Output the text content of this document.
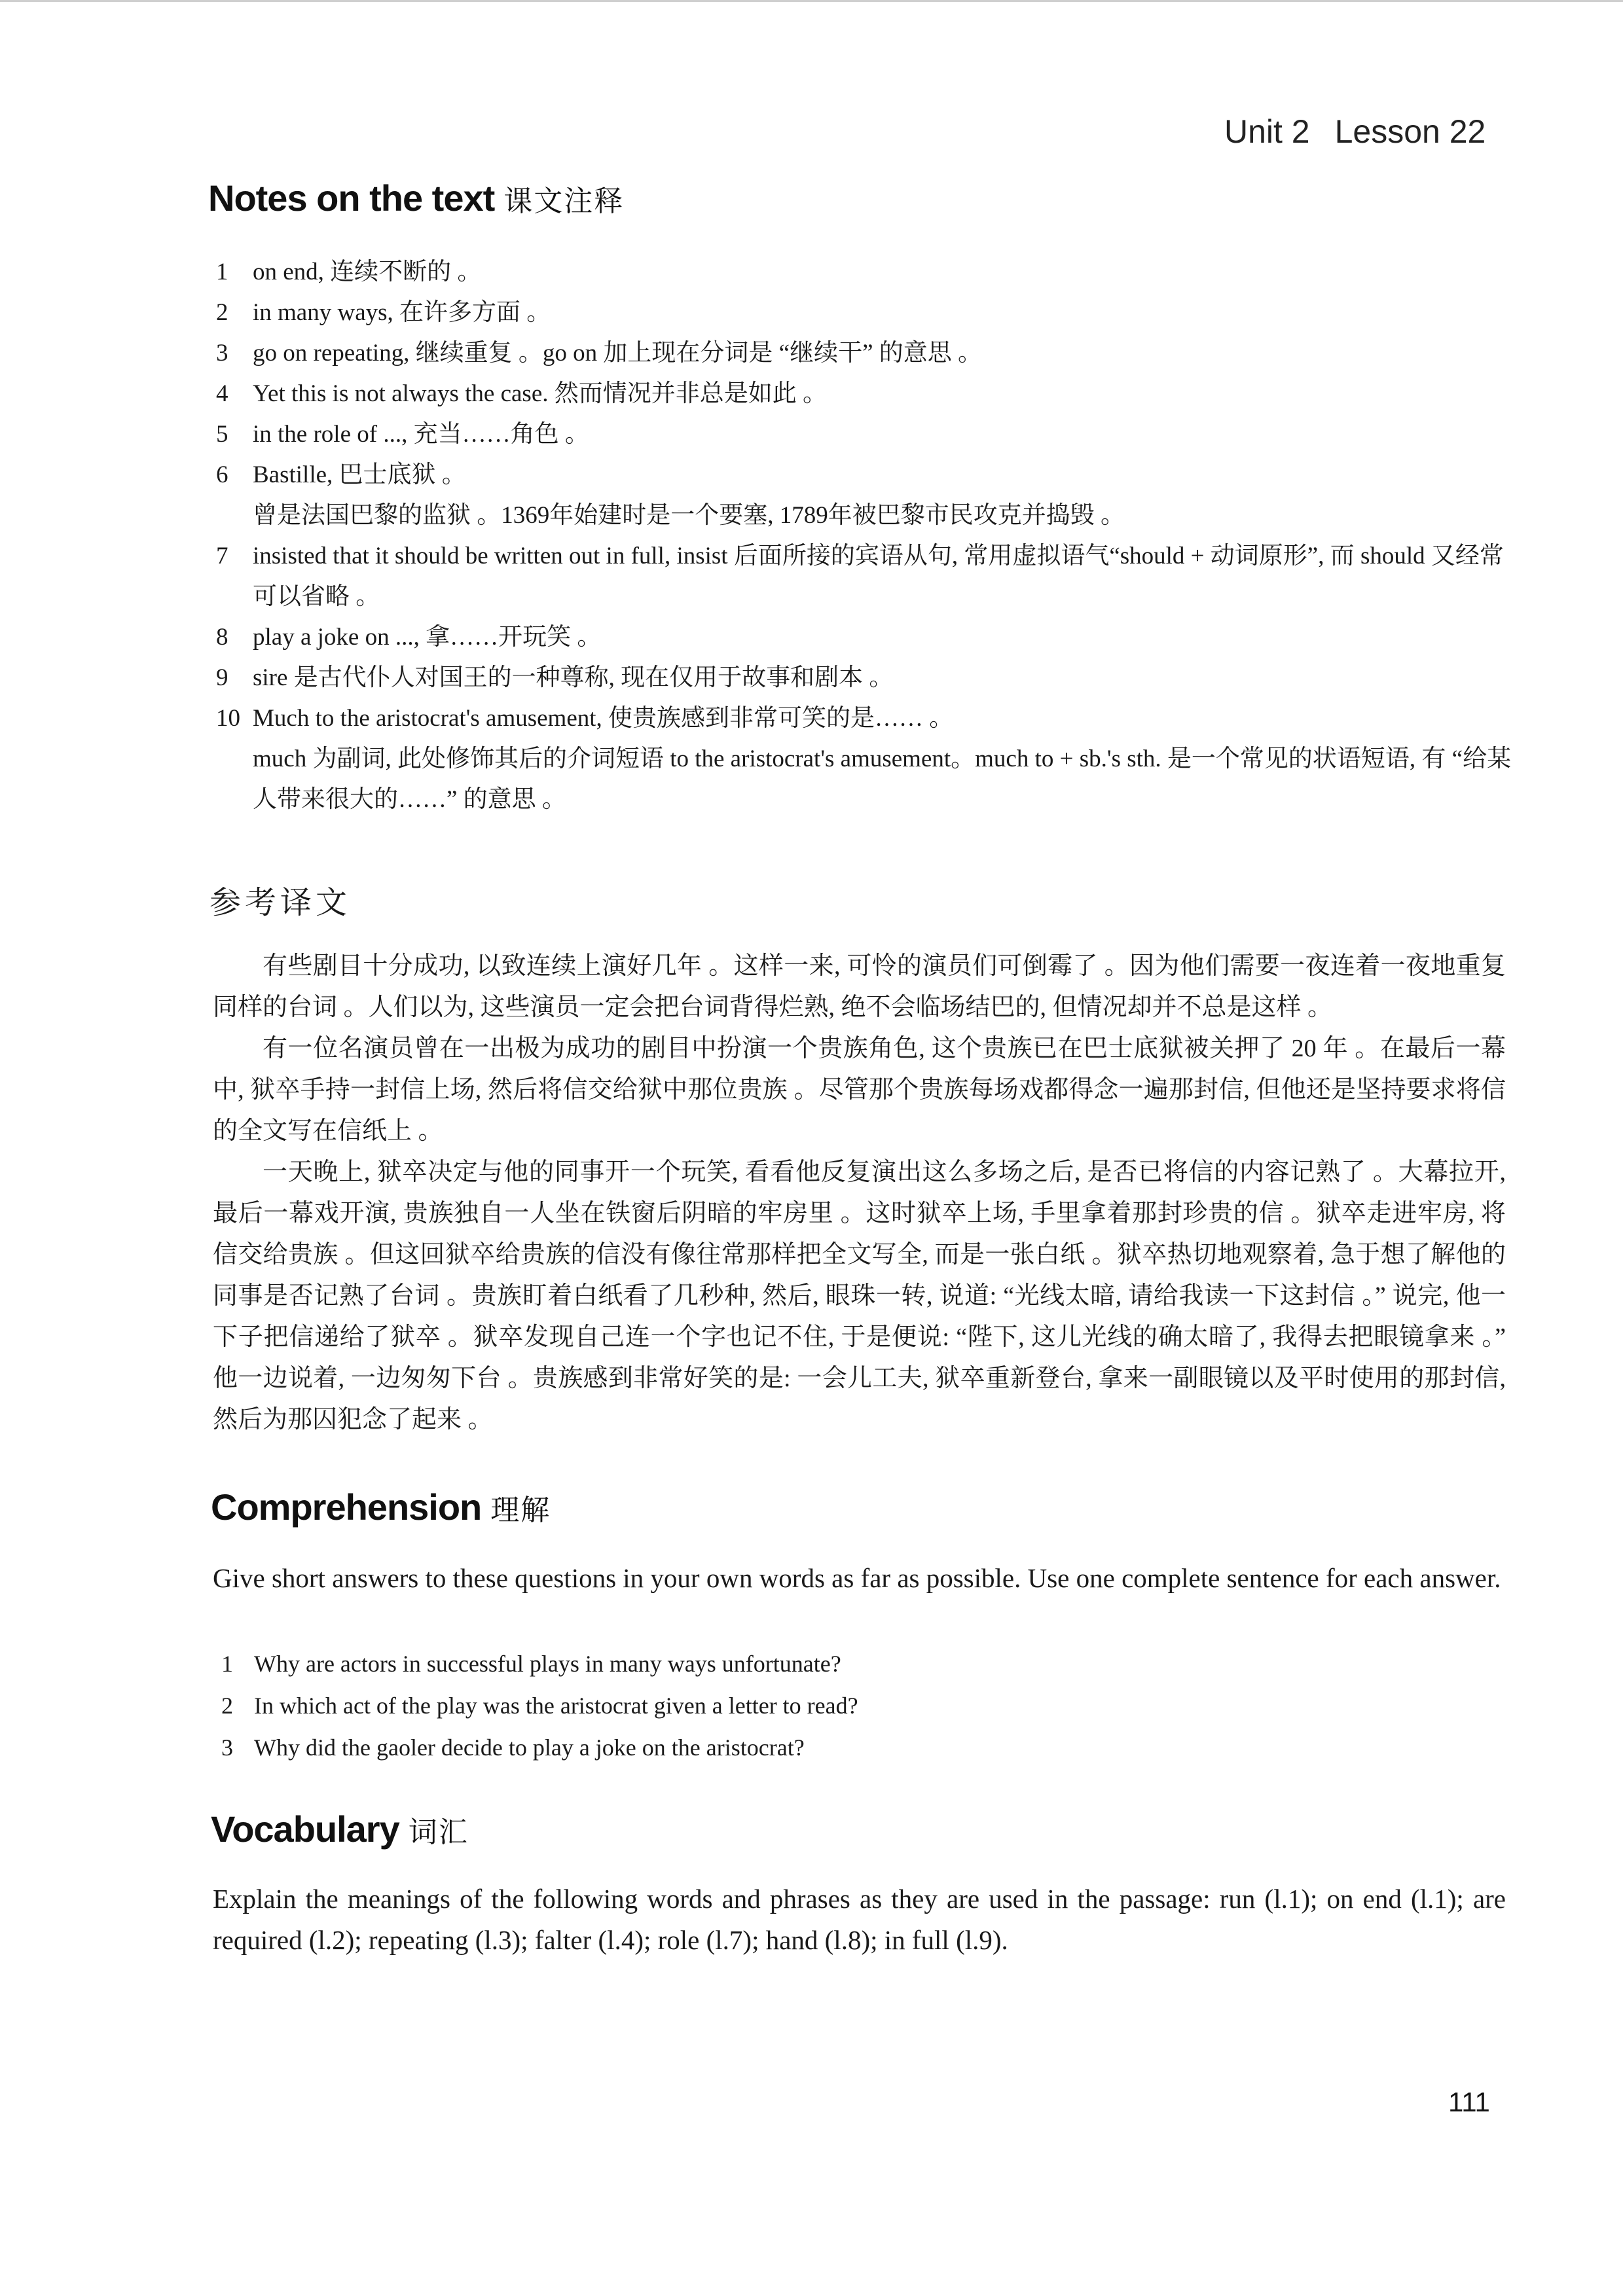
Unit 2 Lesson 22
Notes on the text 课文注释
1	on end, 连续不断的 。
2	in many ways, 在许多方面 。
3	go on repeating, 继续重复 。go on 加上现在分词是 “继续干” 的意思 。
4	Yet this is not always the case. 然而情况并非总是如此 。
5	in the role of ..., 充当……角色 。
6	Bastille, 巴士底狱 。
曾是法国巴黎的监狱 。1369年始建时是一个要塞, 1789年被巴黎市民攻克并捣毁 。
7	insisted that it should be written out in full, insist 后面所接的宾语从句, 常用虚拟语气“should + 动词原形”, 而 should 又经常可以省略 。
8	play a joke on ..., 拿……开玩笑 。
9	sire 是古代仆人对国王的一种尊称, 现在仅用于故事和剧本 。
10 Much to the aristocrat's amusement, 使贵族感到非常可笑的是…… 。
much 为副词, 此处修饰其后的介词短语 to the aristocrat's amusement。much to + sb.'s sth. 是一个常见的状语短语, 有 “给某人带来很大的……” 的意思 。
参考译文

有些剧目十分成功, 以致连续上演好几年 。这样一来, 可怜的演员们可倒霉了 。因为他们需要一夜连着一夜地重复同样的台词 。人们以为, 这些演员一定会把台词背得烂熟, 绝不会临场结巴的, 但情况却并不总是这样 。

有一位名演员曾在一出极为成功的剧目中扮演一个贵族角色, 这个贵族已在巴士底狱被关押了 20 年 。在最后一幕中, 狱卒手持一封信上场, 然后将信交给狱中那位贵族 。尽管那个贵族每场戏都得念一遍那封信, 但他还是坚持要求将信的全文写在信纸上 。

一天晚上, 狱卒决定与他的同事开一个玩笑, 看看他反复演出这么多场之后, 是否已将信的内容记熟了 。大幕拉开, 最后一幕戏开演, 贵族独自一人坐在铁窗后阴暗的牢房里 。这时狱卒上场, 手里拿着那封珍贵的信 。狱卒走进牢房, 将信交给贵族 。但这回狱卒给贵族的信没有像往常那样把全文写全, 而是一张白纸 。狱卒热切地观察着, 急于想了解他的同事是否记熟了台词 。贵族盯着白纸看了几秒种, 然后, 眼珠一转, 说道: “光线太暗, 请给我读一下这封信 。” 说完, 他一下子把信递给了狱卒 。狱卒发现自己连一个字也记不住, 于是便说: “陛下, 这儿光线的确太暗了, 我得去把眼镜拿来 。” 他一边说着, 一边匆匆下台 。贵族感到非常好笑的是: 一会儿工夫, 狱卒重新登台, 拿来一副眼镜以及平时使用的那封信, 然后为那囚犯念了起来 。

Comprehension 理解
Give short answers to these questions in your own words as far as possible. Use one complete sentence for each answer.
1 Why are actors in successful plays in many ways unfortunate?
2 In which act of the play was the aristocrat given a letter to read?
3 Why did the gaoler decide to play a joke on the aristocrat?
Vocabulary 词汇
Explain the meanings of the following words and phrases as they are used in the passage: run (l.1); on end (l.1); are required (l.2); repeating (l.3); falter (l.4); role (l.7); hand (l.8); in full (l.9).
111
